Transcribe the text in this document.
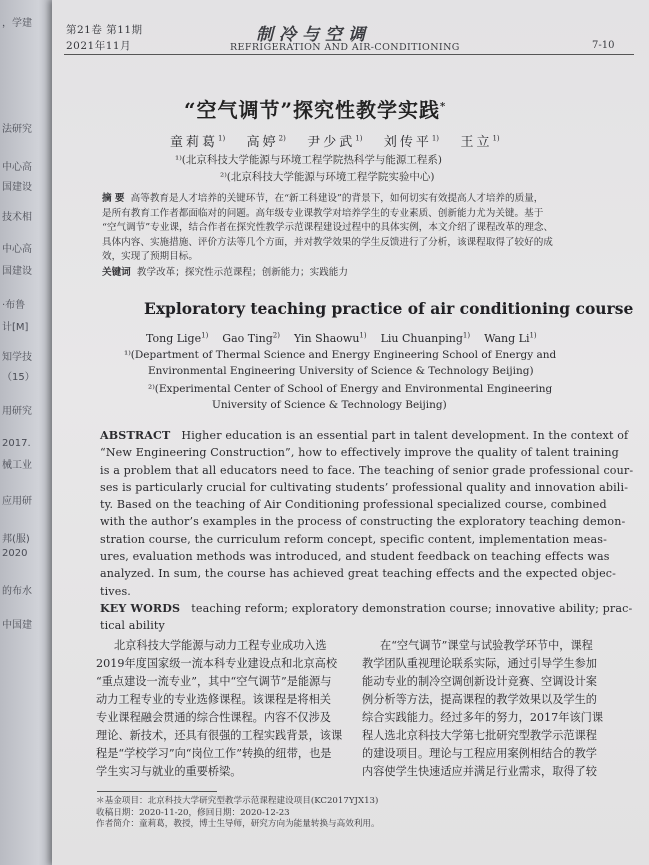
，学建
法研究
中心高
国建设
技术相
中心高
国建设
·布鲁
计[M]
知学技
（15）
用研究
2017.
械工业
应用研
邦(服)
2020
的布水
中国建
第21卷 第11期
2021年11月
制冷与空调
REFRIGERATION AND AIR-CONDITIONING	7-10
“空气调节”探究性教学实践*
童莉葛$^{1)}$ 高婷$^{2)}$ 尹少武$^{1)}$ 刘传平$^{1)}$ 王立$^{1)}$
¹⁾(北京科技大学能源与环境工程学院热科学与能源工程系)
²⁾(北京科技大学能源与环境工程学院实验中心)
摘 要 高等教育是人才培养的关键环节，在“新工科建设”的背景下，如何切实有效提高人才培养的质量，
是所有教育工作者都面临对的问题。高年级专业课教学对培养学生的专业素质、创新能力尤为关键。基于
“空气调节”专业课，结合作者在探究性教学示范课程建设过程中的具体实例，本文介绍了课程改革的理念、
具体内容、实施措施、评价方法等几个方面，并对教学效果的学生反馈进行了分析，该课程取得了较好的成
效，实现了预期目标。
关键词 教学改革；探究性示范课程；创新能力；实践能力
Exploratory teaching practice of air conditioning course
Tong Lige$^{1)}$ Gao Ting$^{2)}$ Yin Shaowu$^{1)}$ Liu Chuanping$^{1)}$ Wang Li$^{1)}$
¹⁾(Department of Thermal Science and Energy Engineering School of Energy and
Environmental Engineering University of Science & Technology Beijing)
²⁾(Experimental Center of School of Energy and Environmental Engineering
University of Science & Technology Beijing)
ABSTRACT Higher education is an essential part in talent development. In the context of
“New Engineering Construction”, how to effectively improve the quality of talent training
is a problem that all educators need to face. The teaching of senior grade professional cour-
ses is particularly crucial for cultivating students’ professional quality and innovation abili-
ty. Based on the teaching of Air Conditioning professional specialized course, combined
with the author’s examples in the process of constructing the exploratory teaching demon-
stration course, the curriculum reform concept, specific content, implementation meas-
ures, evaluation methods was introduced, and student feedback on teaching effects was
analyzed. In sum, the course has achieved great teaching effects and the expected objec-
tives.
KEY WORDS teaching reform; exploratory demonstration course; innovative ability; prac-
tical ability
北京科技大学能源与动力工程专业成功入选
2019年度国家级一流本科专业建设点和北京高校
“重点建设一流专业”，其中“空气调节”是能源与
动力工程专业的专业选修课程。该课程是将相关
专业课程融会贯通的综合性课程。内容不仅涉及
理论、新技术，还具有很强的工程实践背景，该课
程是“学校学习”向“岗位工作”转换的纽带，也是
学生实习与就业的重要桥梁。
在“空气调节”课堂与试验教学环节中，课程
教学团队重视理论联系实际，通过引导学生参加
能动专业的制冷空调创新设计竞赛、空调设计案
例分析等方法，提高课程的教学效果以及学生的
综合实践能力。经过多年的努力，2017年该门课
程人选北京科技大学第七批研究型教学示范课程
的建设项目。理论与工程应用案例相结合的教学
内容使学生快速适应并满足行业需求，取得了较
＊基金项目：北京科技大学研究型教学示范课程建设项目(KC2017YJX13)
收稿日期：2020-11-20，修回日期：2020-12-23
作者简介：童莉葛，教授，博士生导师，研究方向为能量转换与高效利用。
